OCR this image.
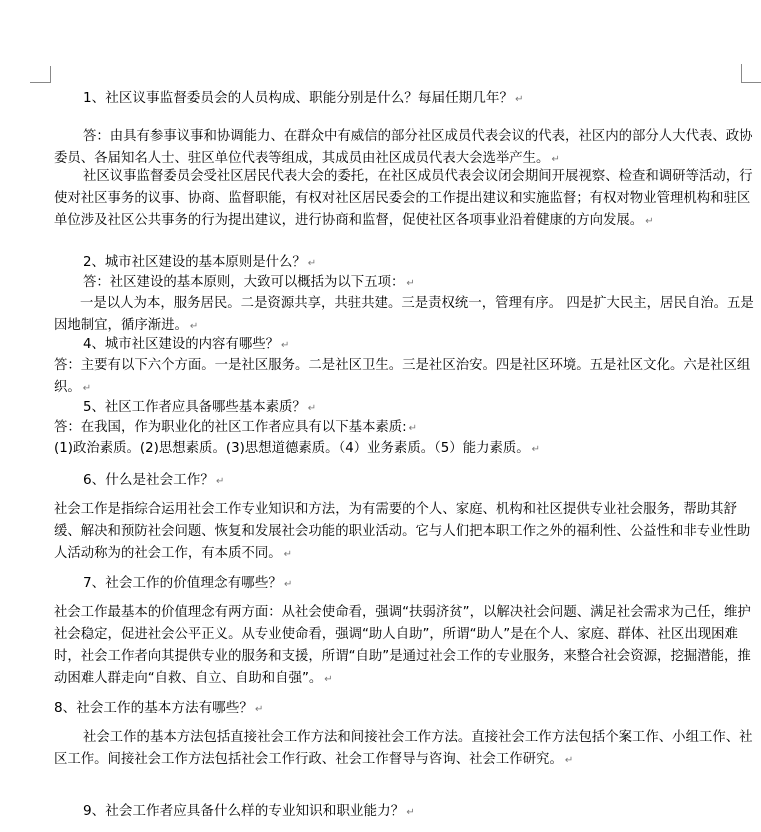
1、社区议事监督委员会的人员构成、职能分别是什么？每届任期几年？ ↵
答：由具有参事议事和协调能力、在群众中有威信的部分社区成员代表会议的代表，社区内的部分人大代表、政协委员、各届知名人士、驻区单位代表等组成，其成员由社区成员代表大会选举产生。 ↵
社区议事监督委员会受社区居民代表大会的委托，在社区成员代表会议闭会期间开展视察、检查和调研等活动，行使对社区事务的议事、协商、监督职能，有权对社区居民委会的工作提出建议和实施监督；有权对物业管理机构和驻区单位涉及社区公共事务的行为提出建议，进行协商和监督，促使社区各项事业沿着健康的方向发展。 ↵
2、城市社区建设的基本原则是什么？ ↵
答：社区建设的基本原则，大致可以概括为以下五项： ↵
一是以人为本，服务居民。二是资源共享，共驻共建。三是责权统一，管理有序。 四是扩大民主，居民自治。五是因地制宜，循序渐进。 ↵
4、城市社区建设的内容有哪些？ ↵
答：主要有以下六个方面。一是社区服务。二是社区卫生。三是社区治安。四是社区环境。五是社区文化。六是社区组织。 ↵
5、社区工作者应具备哪些基本素质？ ↵
答：在我国，作为职业化的社区工作者应具有以下基本素质: ↵
(1)政治素质。(2)思想素质。(3)思想道德素质。（4）业务素质。（5）能力素质。 ↵
6、什么是社会工作？ ↵
社会工作是指综合运用社会工作专业知识和方法，为有需要的个人、家庭、机构和社区提供专业社会服务，帮助其舒缓、解决和预防社会问题、恢复和发展社会功能的职业活动。它与人们把本职工作之外的福利性、公益性和非专业性助人活动称为的社会工作，有本质不同。 ↵
7、社会工作的价值理念有哪些？ ↵
社会工作最基本的价值理念有两方面：从社会使命看，强调“扶弱济贫”，以解决社会问题、满足社会需求为己任，维护社会稳定，促进社会公平正义。从专业使命看，强调“助人自助”，所谓“助人”是在个人、家庭、群体、社区出现困难时，社会工作者向其提供专业的服务和支援，所谓“自助”是通过社会工作的专业服务，来整合社会资源，挖掘潜能，推动困难人群走向“自救、自立、自助和自强”。 ↵
8、社会工作的基本方法有哪些？ ↵
社会工作的基本方法包括直接社会工作方法和间接社会工作方法。直接社会工作方法包括个案工作、小组工作、社区工作。间接社会工作方法包括社会工作行政、社会工作督导与咨询、社会工作研究。 ↵
9、社会工作者应具备什么样的专业知识和职业能力？ ↵
